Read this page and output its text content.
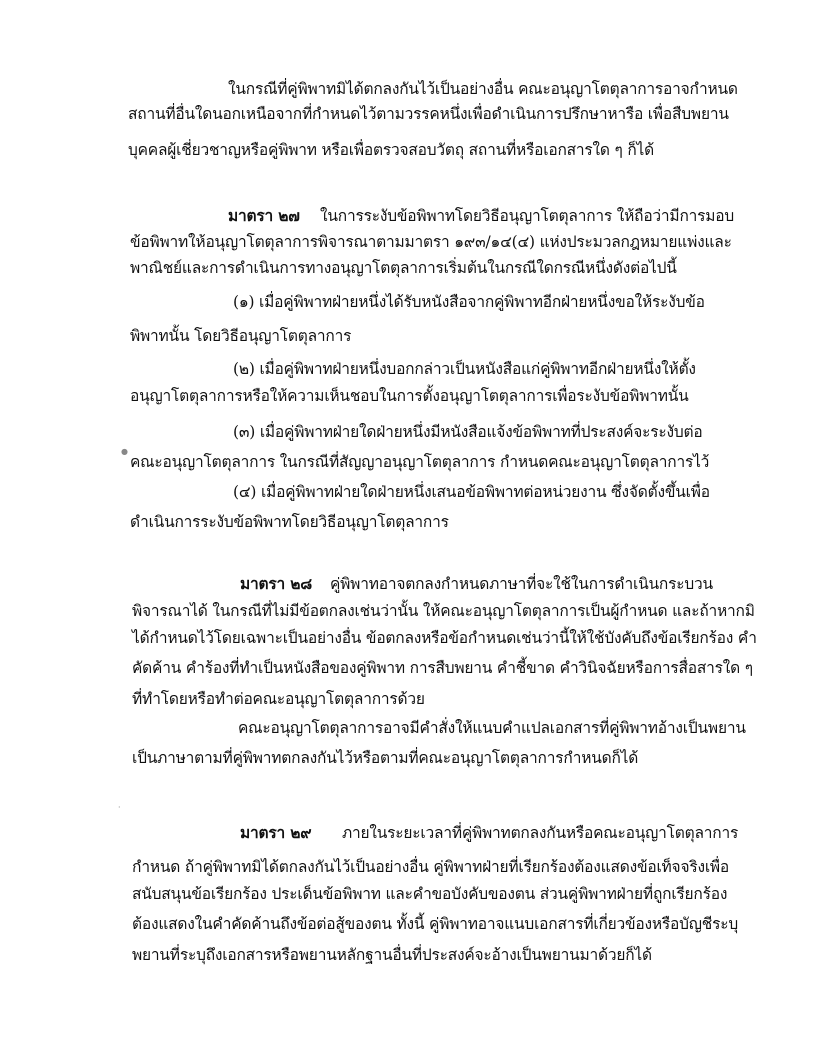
ในกรณีที่คู่พิพาทมิได้ตกลงกันไว้เป็นอย่างอื่น คณะอนุญาโตตุลาการอาจกำหนด
สถานที่อื่นใดนอกเหนือจากที่กำหนดไว้ตามวรรคหนึ่งเพื่อดำเนินการปรึกษาหารือ เพื่อสืบพยาน
บุคคลผู้เชี่ยวชาญหรือคู่พิพาท หรือเพื่อตรวจสอบวัตถุ สถานที่หรือเอกสารใด ๆ ก็ได้
มาตรา ๒๗ ในการระงับข้อพิพาทโดยวิธีอนุญาโตตุลาการ ให้ถือว่ามีการมอบ
ข้อพิพาทให้อนุญาโตตุลาการพิจารณาตามมาตรา ๑๙๓/๑๔(๔) แห่งประมวลกฎหมายแพ่งและ
พาณิชย์และการดำเนินการทางอนุญาโตตุลาการเริ่มต้นในกรณีใดกรณีหนึ่งดังต่อไปนี้
(๑) เมื่อคู่พิพาทฝ่ายหนึ่งได้รับหนังสือจากคู่พิพาทอีกฝ่ายหนึ่งขอให้ระงับข้อ
พิพาทนั้น โดยวิธีอนุญาโตตุลาการ
(๒) เมื่อคู่พิพาทฝ่ายหนึ่งบอกกล่าวเป็นหนังสือแก่คู่พิพาทอีกฝ่ายหนึ่งให้ตั้ง
อนุญาโตตุลาการหรือให้ความเห็นชอบในการตั้งอนุญาโตตุลาการเพื่อระงับข้อพิพาทนั้น
(๓) เมื่อคู่พิพาทฝ่ายใดฝ่ายหนึ่งมีหนังสือแจ้งข้อพิพาทที่ประสงค์จะระงับต่อ
คณะอนุญาโตตุลาการ ในกรณีที่สัญญาอนุญาโตตุลาการ กำหนดคณะอนุญาโตตุลาการไว้
(๔) เมื่อคู่พิพาทฝ่ายใดฝ่ายหนึ่งเสนอข้อพิพาทต่อหน่วยงาน ซึ่งจัดตั้งขึ้นเพื่อ
ดำเนินการระงับข้อพิพาทโดยวิธีอนุญาโตตุลาการ
มาตรา ๒๘ คู่พิพาทอาจตกลงกำหนดภาษาที่จะใช้ในการดำเนินกระบวน
พิจารณาได้ ในกรณีที่ไม่มีข้อตกลงเช่นว่านั้น ให้คณะอนุญาโตตุลาการเป็นผู้กำหนด และถ้าหากมิ
ได้กำหนดไว้โดยเฉพาะเป็นอย่างอื่น ข้อตกลงหรือข้อกำหนดเช่นว่านี้ให้ใช้บังคับถึงข้อเรียกร้อง คำ
คัดค้าน คำร้องที่ทำเป็นหนังสือของคู่พิพาท การสืบพยาน คำชี้ขาด คำวินิจฉัยหรือการสื่อสารใด ๆ
ที่ทำโดยหรือทำต่อคณะอนุญาโตตุลาการด้วย
คณะอนุญาโตตุลาการอาจมีคำสั่งให้แนบคำแปลเอกสารที่คู่พิพาทอ้างเป็นพยาน
เป็นภาษาตามที่คู่พิพาทตกลงกันไว้หรือตามที่คณะอนุญาโตตุลาการกำหนดก็ได้
มาตรา ๒๙ ภายในระยะเวลาที่คู่พิพาทตกลงกันหรือคณะอนุญาโตตุลาการ
กำหนด ถ้าคู่พิพาทมิได้ตกลงกันไว้เป็นอย่างอื่น คู่พิพาทฝ่ายที่เรียกร้องต้องแสดงข้อเท็จจริงเพื่อ
สนับสนุนข้อเรียกร้อง ประเด็นข้อพิพาท และคำขอบังคับของตน ส่วนคู่พิพาทฝ่ายที่ถูกเรียกร้อง
ต้องแสดงในคำคัดค้านถึงข้อต่อสู้ของตน ทั้งนี้ คู่พิพาทอาจแนบเอกสารที่เกี่ยวข้องหรือบัญชีระบุ
พยานที่ระบุถึงเอกสารหรือพยานหลักฐานอื่นที่ประสงค์จะอ้างเป็นพยานมาด้วยก็ได้
●
·
